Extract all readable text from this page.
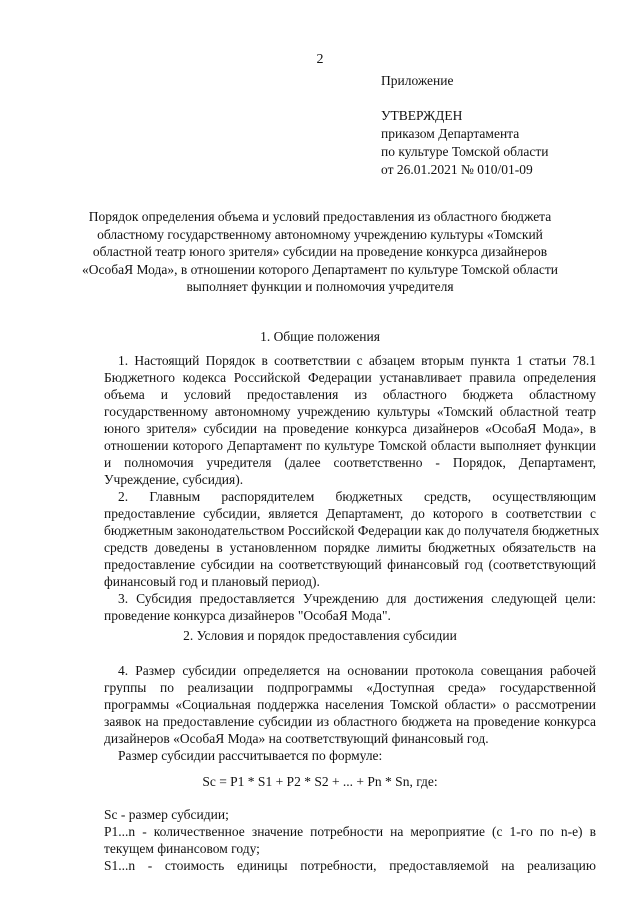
2
Приложение
УТВЕРЖДЕН
приказом Департамента
по культуре Томской области
от 26.01.2021 № 010/01-09
Порядок определения объема и условий предоставления из областного бюджета
областному государственному автономному учреждению культуры «Томский
областной театр юного зрителя» субсидии на проведение конкурса дизайнеров
«ОсобаЯ Мода», в отношении которого Департамент по культуре Томской области
выполняет функции и полномочия учредителя
1. Общие положения
1. Настоящий Порядок в соответствии с абзацем вторым пункта 1 статьи 78.1
Бюджетного кодекса Российской Федерации устанавливает правила определения
объема и условий предоставления из областного бюджета областному
государственному автономному учреждению культуры «Томский областной театр
юного зрителя» субсидии на проведение конкурса дизайнеров «ОсобаЯ Мода», в
отношении которого Департамент по культуре Томской области выполняет функции
и полномочия учредителя (далее соответственно - Порядок, Департамент,
Учреждение, субсидия).
2. Главным распорядителем бюджетных средств, осуществляющим
предоставление субсидии, является Департамент, до которого в соответствии с
бюджетным законодательством Российской Федерации как до получателя бюджетных
средств доведены в установленном порядке лимиты бюджетных обязательств на
предоставление субсидии на соответствующий финансовый год (соответствующий
финансовый год и плановый период).
3. Субсидия предоставляется Учреждению для достижения следующей цели:
проведение конкурса дизайнеров "ОсобаЯ Мода".
2. Условия и порядок предоставления субсидии
4. Размер субсидии определяется на основании протокола совещания рабочей
группы по реализации подпрограммы «Доступная среда» государственной
программы «Социальная поддержка населения Томской области» о рассмотрении
заявок на предоставление субсидии из областного бюджета на проведение конкурса
дизайнеров «ОсобаЯ Мода» на соответствующий финансовый год.
Размер субсидии рассчитывается по формуле:
Sc = P1 * S1 + P2 * S2 + ... + Pn * Sn, где:
Sc - размер субсидии;
P1...n - количественное значение потребности на мероприятие (с 1-го по n-е) в
текущем финансовом году;
S1...n - стоимость единицы потребности, предоставляемой на реализацию
